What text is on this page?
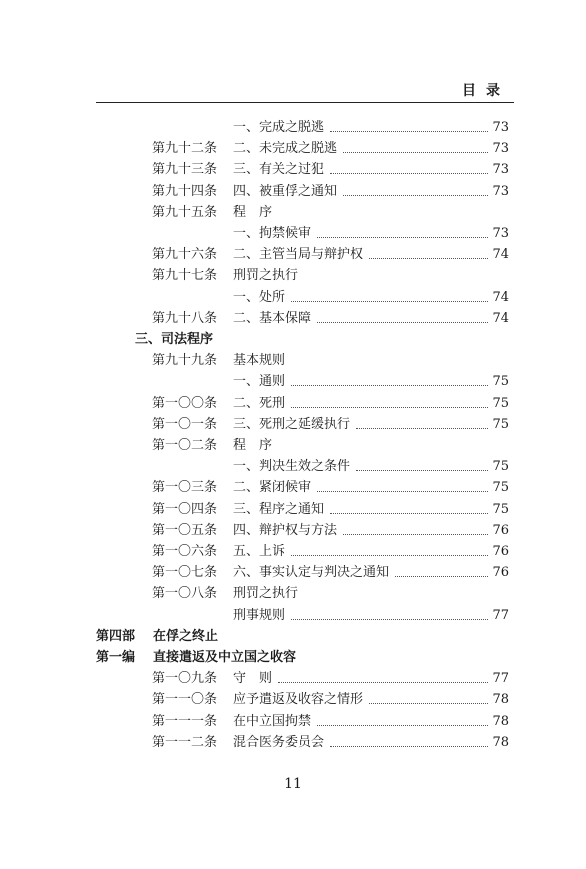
目录
一、完成之脱逃	73
第九十二条 二、未完成之脱逃	73
第九十三条 三、有关之过犯	73
第九十四条 四、被重俘之通知	73
第九十五条 程　序
一、拘禁候审	73
第九十六条 二、主管当局与辩护权	74
第九十七条 刑罚之执行
一、处所	74
第九十八条 二、基本保障	74
三、司法程序
第九十九条 基本规则
一、通则	75
第一〇〇条 二、死刑	75
第一〇一条 三、死刑之延缓执行	75
第一〇二条 程　序
一、判决生效之条件	75
第一〇三条 二、紧闭候审	75
第一〇四条 三、程序之通知	75
第一〇五条 四、辩护权与方法	76
第一〇六条 五、上诉	76
第一〇七条 六、事实认定与判决之通知	76
第一〇八条 刑罚之执行
刑事规则	77
第四部 在俘之终止
第一编 直接遣返及中立国之收容
第一〇九条 守　则	77
第一一〇条 应予遣返及收容之情形	78
第一一一条 在中立国拘禁	78
第一一二条 混合医务委员会	78
11
